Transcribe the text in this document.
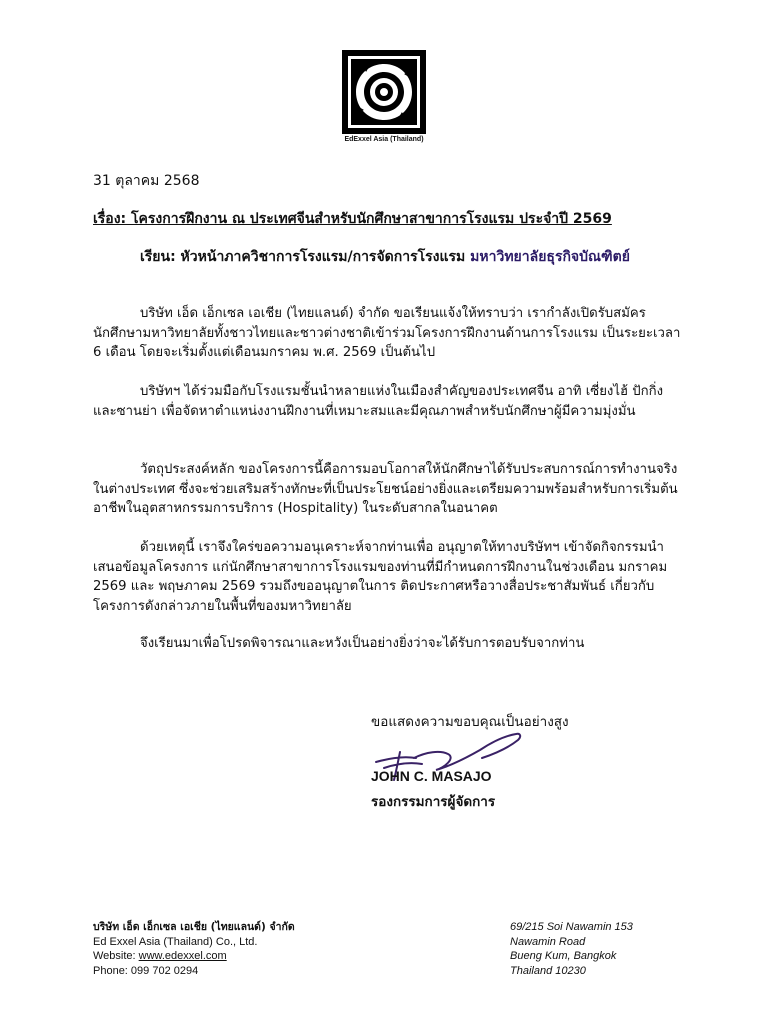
EdExxel Asia (Thailand)
31 ตุลาคม 2568
เรื่อง: โครงการฝึกงาน ณ ประเทศจีนสำหรับนักศึกษาสาขาการโรงแรม ประจำปี 2569
เรียน: หัวหน้าภาควิชาการโรงแรม/การจัดการโรงแรม มหาวิทยาลัยธุรกิจบัณฑิตย์

บริษัท เอ็ด เอ็กเซล เอเชีย (ไทยแลนด์) จำกัด ขอเรียนแจ้งให้ทราบว่า เรากำลังเปิดรับสมัครนักศึกษามหาวิทยาลัยทั้งชาวไทยและชาวต่างชาติเข้าร่วมโครงการฝึกงานด้านการโรงแรม เป็นระยะเวลา 6 เดือน โดยจะเริ่มตั้งแต่เดือนมกราคม พ.ศ. 2569 เป็นต้นไป

บริษัทฯ ได้ร่วมมือกับโรงแรมชั้นนำหลายแห่งในเมืองสำคัญของประเทศจีน อาทิ เซี่ยงไฮ้ ปักกิ่ง และซานย่า เพื่อจัดหาตำแหน่งงานฝึกงานที่เหมาะสมและมีคุณภาพสำหรับนักศึกษาผู้มีความมุ่งมั่น

วัตถุประสงค์หลัก ของโครงการนี้คือการมอบโอกาสให้นักศึกษาได้รับประสบการณ์การทำงานจริงในต่างประเทศ ซึ่งจะช่วยเสริมสร้างทักษะที่เป็นประโยชน์อย่างยิ่งและเตรียมความพร้อมสำหรับการเริ่มต้นอาชีพในอุตสาหกรรมการบริการ (Hospitality) ในระดับสากลในอนาคต

ด้วยเหตุนี้ เราจึงใคร่ขอความอนุเคราะห์จากท่านเพื่อ อนุญาตให้ทางบริษัทฯ เข้าจัดกิจกรรมนำเสนอข้อมูลโครงการ แก่นักศึกษาสาขาการโรงแรมของท่านที่มีกำหนดการฝึกงานในช่วงเดือน มกราคม 2569 และ พฤษภาคม 2569 รวมถึงขออนุญาตในการ ติดประกาศหรือวางสื่อประชาสัมพันธ์ เกี่ยวกับโครงการดังกล่าวภายในพื้นที่ของมหาวิทยาลัย

จึงเรียนมาเพื่อโปรดพิจารณาและหวังเป็นอย่างยิ่งว่าจะได้รับการตอบรับจากท่าน

ขอแสดงความขอบคุณเป็นอย่างสูง
JOHN C. MASAJO
รองกรรมการผู้จัดการ
บริษัท เอ็ด เอ็กเซล เอเชีย (ไทยแลนด์) จำกัด
Ed Exxel Asia (Thailand) Co., Ltd.
Website: www.edexxel.com
Phone: 099 702 0294
69/215 Soi Nawamin 153
Nawamin Road
Bueng Kum, Bangkok
Thailand 10230
